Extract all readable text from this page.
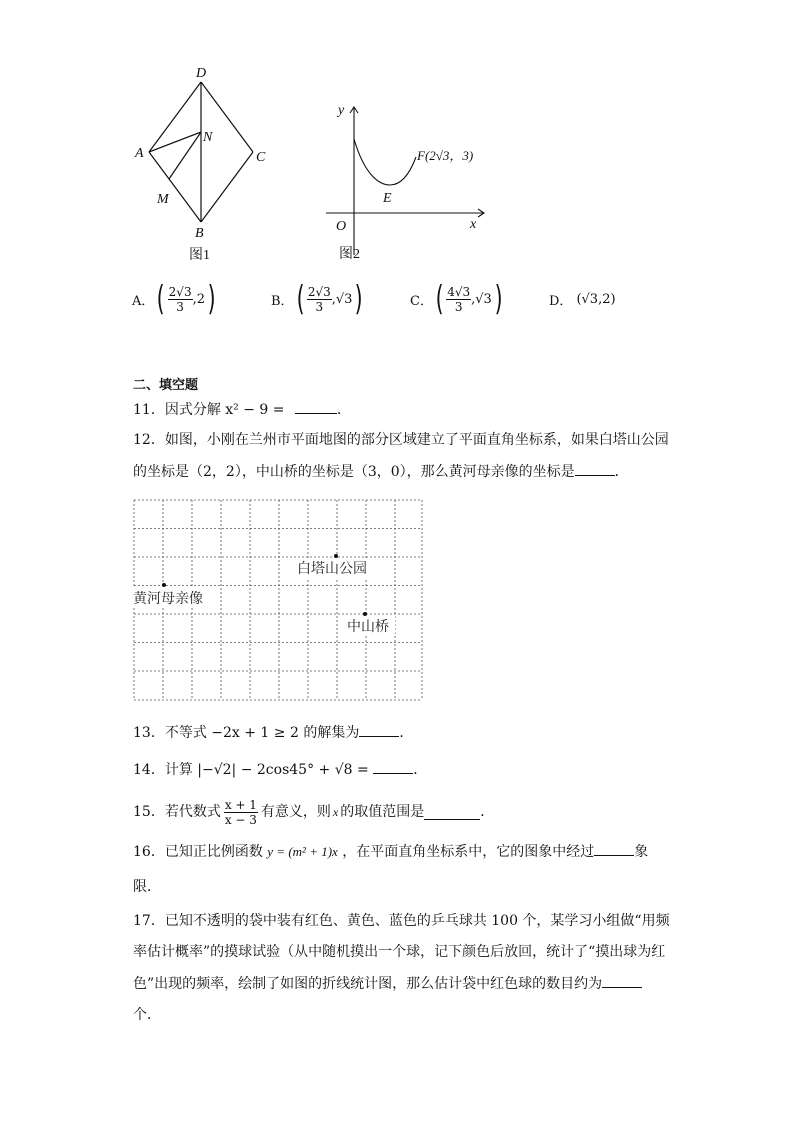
D
A
N
C
M
B
图1
y
x
O
E
F(2√3，3)
图2
A． ( $\frac{2√3}{3} ,2$ )	B． ( $\frac{2√3}{3} ,√3$ )	C． ( $\frac{4√3}{3} ,√3$ )	D． (√3,2)
二、填空题
11．因式分解 x² − 9 =	．
12．如图，小刚在兰州市平面地图的部分区域建立了平面直角坐标系，如果白塔山公园
的坐标是（2，2），中山桥的坐标是（3，0），那么黄河母亲像的坐标是	．
白塔山公园
黄河母亲像
中山桥
13．不等式 −2x + 1 ≥ 2 的解集为	．
14．计算 |−√2| − 2cos45° + √8 =	．
15．若代数式 $\frac{x + 1}{x - 3}$ 有意义，则 x 的取值范围是	．
16．已知正比例函数 y = (m² + 1)x ，在平面直角坐标系中，它的图象中经过	象
限．
17．已知不透明的袋中装有红色、黄色、蓝色的乒乓球共 100 个，某学习小组做“用频
率估计概率”的摸球试验（从中随机摸出一个球，记下颜色后放回，统计了“摸出球为红
色”出现的频率，绘制了如图的折线统计图，那么估计袋中红色球的数目约为
个．
